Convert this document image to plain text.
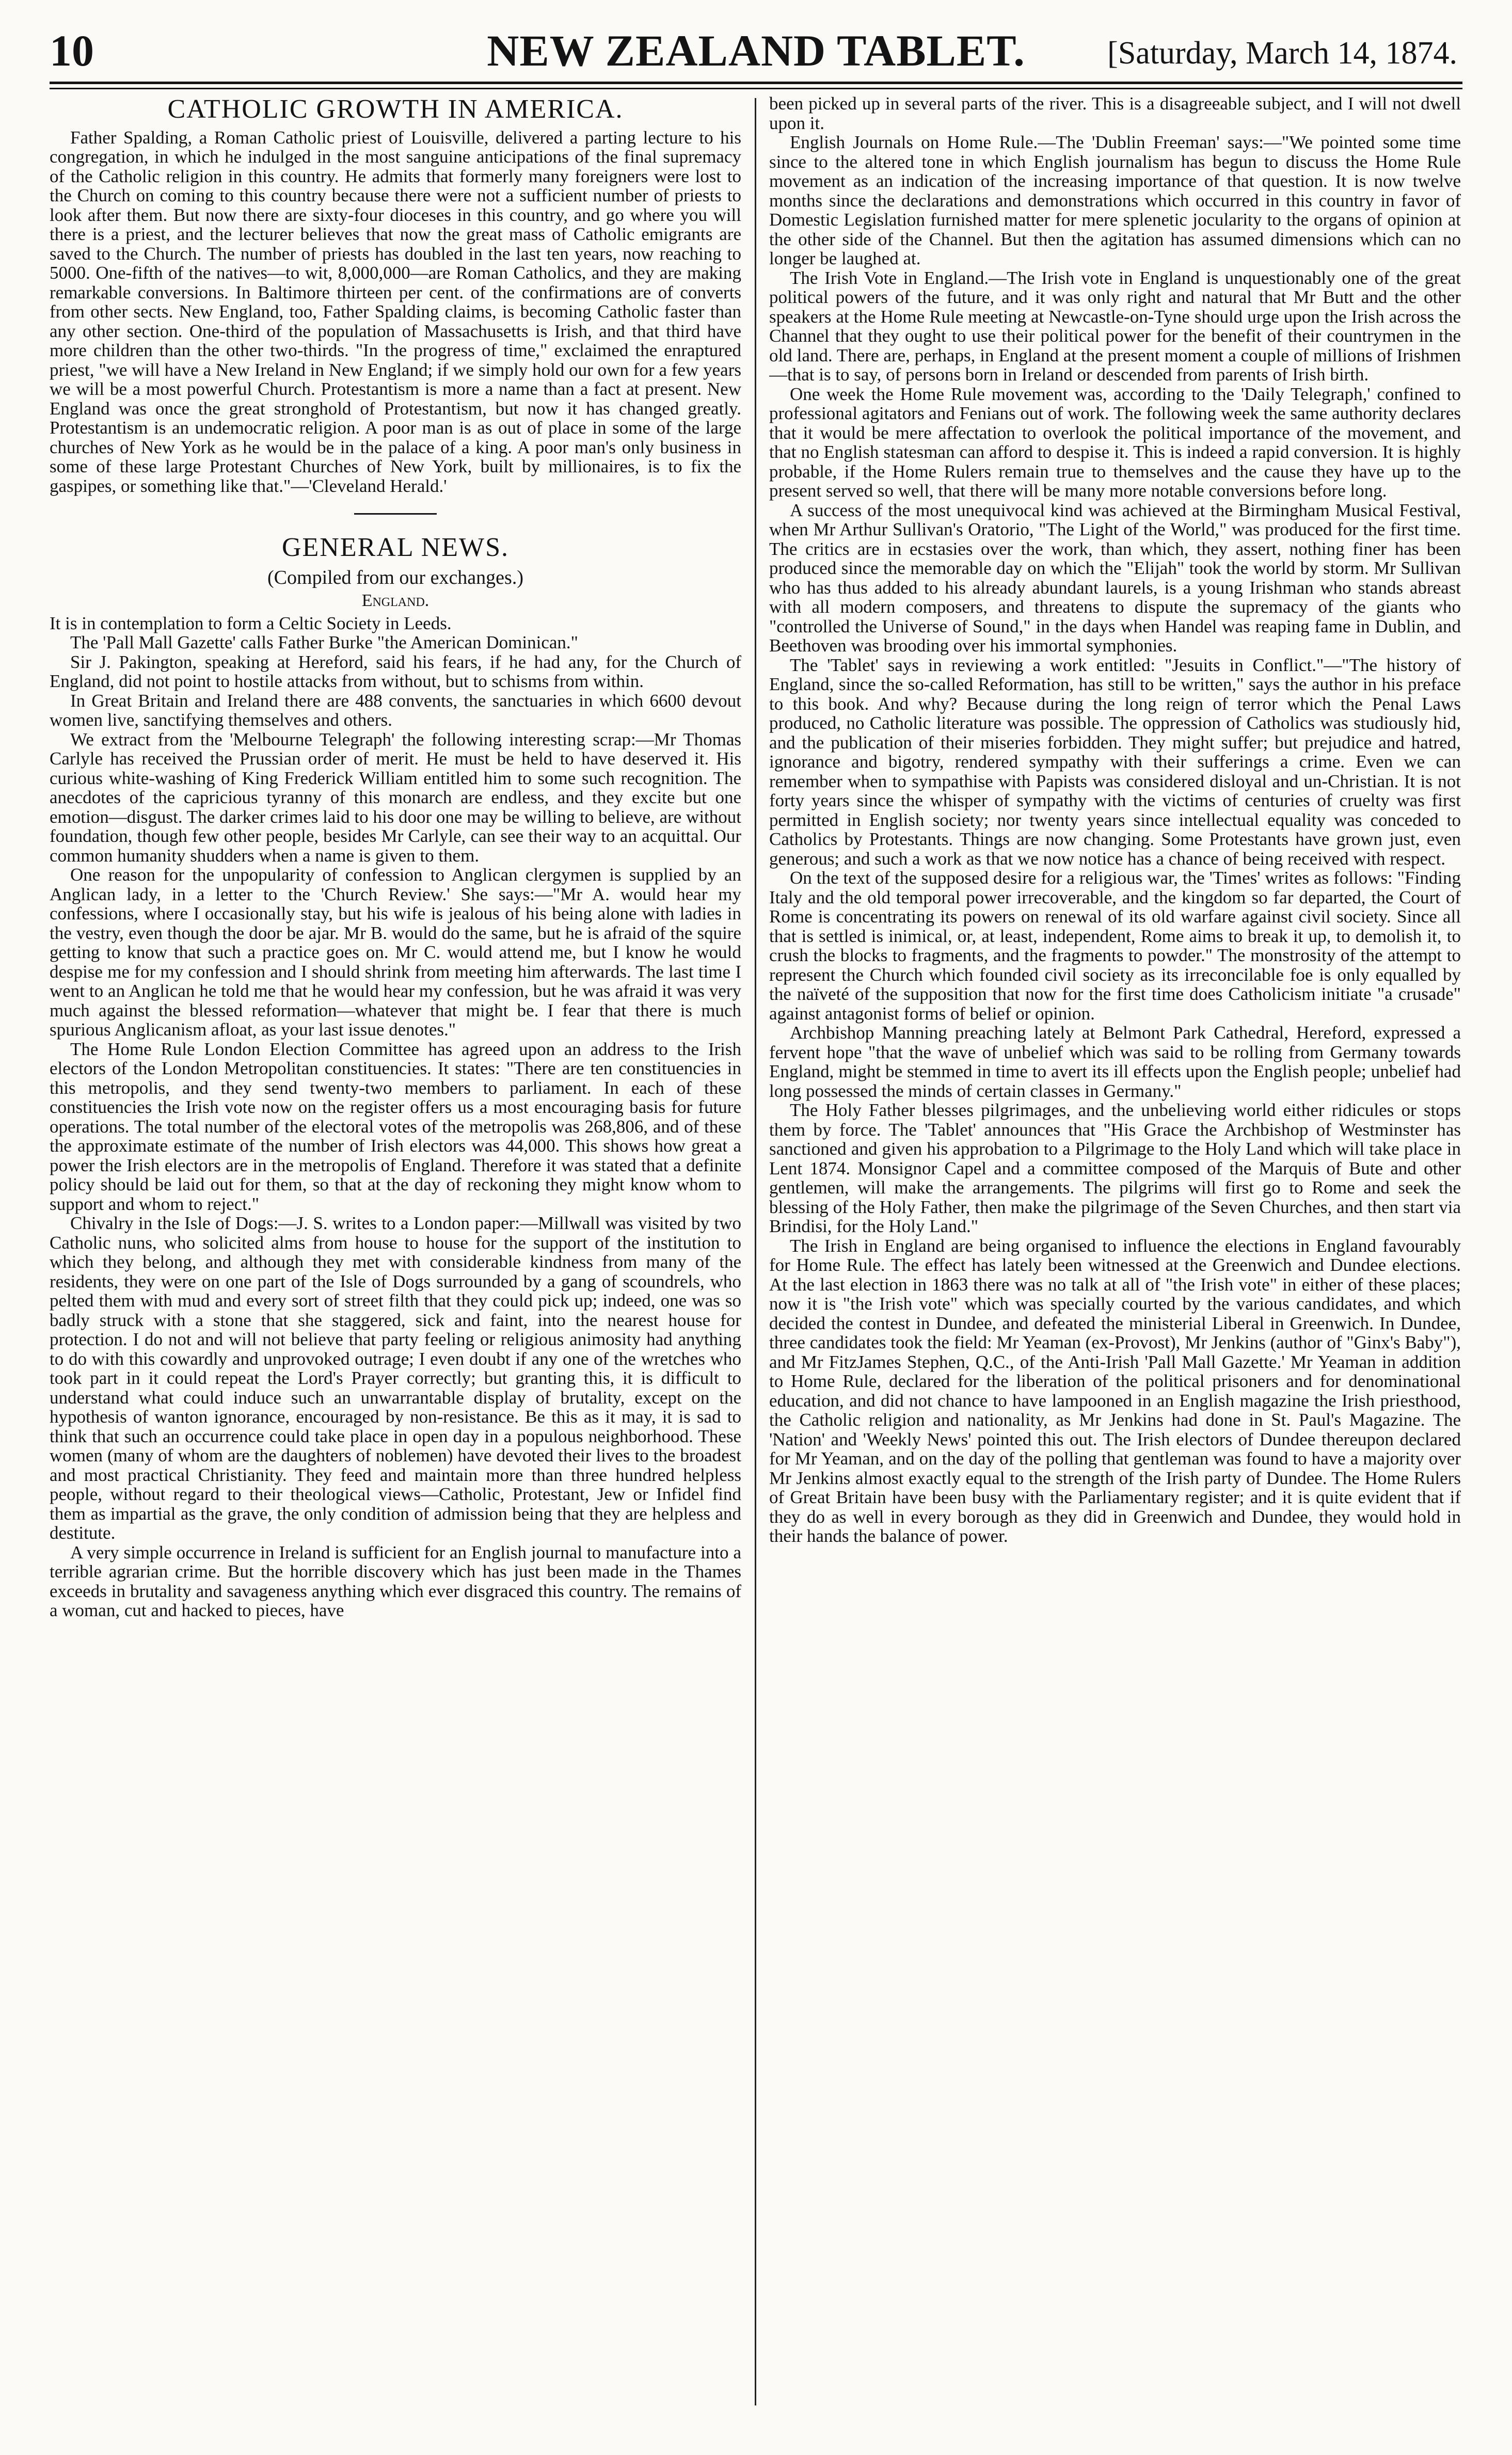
NEW ZEALAND TABLET.
10	[Saturday, March 14, 1874.
CATHOLIC GROWTH IN AMERICA.

Father Spalding, a Roman Catholic priest of Louisville, delivered a parting lecture to his congregation, in which he indulged in the most sanguine anticipations of the final supremacy of the Catholic religion in this country. He admits that formerly many foreigners were lost to the Church on coming to this country because there were not a sufficient number of priests to look after them. But now there are sixty-four dioceses in this country, and go where you will there is a priest, and the lecturer believes that now the great mass of Catholic emigrants are saved to the Church. The number of priests has doubled in the last ten years, now reaching to 5000. One-fifth of the natives—to wit, 8,000,000—are Roman Catholics, and they are making remarkable conversions. In Baltimore thirteen per cent. of the confirmations are of converts from other sects. New England, too, Father Spalding claims, is becoming Catholic faster than any other section. One-third of the population of Massachusetts is Irish, and that third have more children than the other two-thirds. "In the progress of time," exclaimed the enraptured priest, "we will have a New Ireland in New England; if we simply hold our own for a few years we will be a most powerful Church. Protestantism is more a name than a fact at present. New England was once the great stronghold of Protestantism, but now it has changed greatly. Protestantism is an undemocratic religion. A poor man is as out of place in some of the large churches of New York as he would be in the palace of a king. A poor man's only business in some of these large Protestant Churches of New York, built by millionaires, is to fix the gaspipes, or something like that."—'Cleveland Herald.'

GENERAL NEWS.
(Compiled from our exchanges.)
England.

It is in contemplation to form a Celtic Society in Leeds.

The 'Pall Mall Gazette' calls Father Burke "the American Dominican."

Sir J. Pakington, speaking at Hereford, said his fears, if he had any, for the Church of England, did not point to hostile attacks from without, but to schisms from within.

In Great Britain and Ireland there are 488 convents, the sanctuaries in which 6600 devout women live, sanctifying themselves and others.

We extract from the 'Melbourne Telegraph' the following interesting scrap:—Mr Thomas Carlyle has received the Prussian order of merit. He must be held to have deserved it. His curious white-washing of King Frederick William entitled him to some such recognition. The anecdotes of the capricious tyranny of this monarch are endless, and they excite but one emotion—disgust. The darker crimes laid to his door one may be willing to believe, are without foundation, though few other people, besides Mr Carlyle, can see their way to an acquittal. Our common humanity shudders when a name is given to them.

One reason for the unpopularity of confession to Anglican clergymen is supplied by an Anglican lady, in a letter to the 'Church Review.' She says:—"Mr A. would hear my confessions, where I occasionally stay, but his wife is jealous of his being alone with ladies in the vestry, even though the door be ajar. Mr B. would do the same, but he is afraid of the squire getting to know that such a practice goes on. Mr C. would attend me, but I know he would despise me for my confession and I should shrink from meeting him afterwards. The last time I went to an Anglican he told me that he would hear my confession, but he was afraid it was very much against the blessed reformation—whatever that might be. I fear that there is much spurious Anglicanism afloat, as your last issue denotes."

The Home Rule London Election Committee has agreed upon an address to the Irish electors of the London Metropolitan constituencies. It states: "There are ten constituencies in this metropolis, and they send twenty-two members to parliament. In each of these constituencies the Irish vote now on the register offers us a most encouraging basis for future operations. The total number of the electoral votes of the metropolis was 268,806, and of these the approximate estimate of the number of Irish electors was 44,000. This shows how great a power the Irish electors are in the metropolis of England. Therefore it was stated that a definite policy should be laid out for them, so that at the day of reckoning they might know whom to support and whom to reject."

Chivalry in the Isle of Dogs:—J. S. writes to a London paper:—Millwall was visited by two Catholic nuns, who solicited alms from house to house for the support of the institution to which they belong, and although they met with considerable kindness from many of the residents, they were on one part of the Isle of Dogs surrounded by a gang of scoundrels, who pelted them with mud and every sort of street filth that they could pick up; indeed, one was so badly struck with a stone that she staggered, sick and faint, into the nearest house for protection. I do not and will not believe that party feeling or religious animosity had anything to do with this cowardly and unprovoked outrage; I even doubt if any one of the wretches who took part in it could repeat the Lord's Prayer correctly; but granting this, it is difficult to understand what could induce such an unwarrantable display of brutality, except on the hypothesis of wanton ignorance, encouraged by non-resistance. Be this as it may, it is sad to think that such an occurrence could take place in open day in a populous neighborhood. These women (many of whom are the daughters of noblemen) have devoted their lives to the broadest and most practical Christianity. They feed and maintain more than three hundred helpless people, without regard to their theological views—Catholic, Protestant, Jew or Infidel find them as impartial as the grave, the only condition of admission being that they are helpless and destitute.

A very simple occurrence in Ireland is sufficient for an English journal to manufacture into a terrible agrarian crime. But the horrible discovery which has just been made in the Thames exceeds in brutality and savageness anything which ever disgraced this country. The remains of a woman, cut and hacked to pieces, have

been picked up in several parts of the river. This is a disagreeable subject, and I will not dwell upon it.

English Journals on Home Rule.—The 'Dublin Freeman' says:—"We pointed some time since to the altered tone in which English journalism has begun to discuss the Home Rule movement as an indication of the increasing importance of that question. It is now twelve months since the declarations and demonstrations which occurred in this country in favor of Domestic Legislation furnished matter for mere splenetic jocularity to the organs of opinion at the other side of the Channel. But then the agitation has assumed dimensions which can no longer be laughed at.

The Irish Vote in England.—The Irish vote in England is unquestionably one of the great political powers of the future, and it was only right and natural that Mr Butt and the other speakers at the Home Rule meeting at Newcastle-on-Tyne should urge upon the Irish across the Channel that they ought to use their political power for the benefit of their countrymen in the old land. There are, perhaps, in England at the present moment a couple of millions of Irishmen—that is to say, of persons born in Ireland or descended from parents of Irish birth.

One week the Home Rule movement was, according to the 'Daily Telegraph,' confined to professional agitators and Fenians out of work. The following week the same authority declares that it would be mere affectation to overlook the political importance of the movement, and that no English statesman can afford to despise it. This is indeed a rapid conversion. It is highly probable, if the Home Rulers remain true to themselves and the cause they have up to the present served so well, that there will be many more notable conversions before long.

A success of the most unequivocal kind was achieved at the Birmingham Musical Festival, when Mr Arthur Sullivan's Oratorio, "The Light of the World," was produced for the first time. The critics are in ecstasies over the work, than which, they assert, nothing finer has been produced since the memorable day on which the "Elijah" took the world by storm. Mr Sullivan who has thus added to his already abundant laurels, is a young Irishman who stands abreast with all modern composers, and threatens to dispute the supremacy of the giants who "controlled the Universe of Sound," in the days when Handel was reaping fame in Dublin, and Beethoven was brooding over his immortal symphonies.

The 'Tablet' says in reviewing a work entitled: "Jesuits in Conflict."—"The history of England, since the so-called Reformation, has still to be written," says the author in his preface to this book. And why? Because during the long reign of terror which the Penal Laws produced, no Catholic literature was possible. The oppression of Catholics was studiously hid, and the publication of their miseries forbidden. They might suffer; but prejudice and hatred, ignorance and bigotry, rendered sympathy with their sufferings a crime. Even we can remember when to sympathise with Papists was considered disloyal and un-Christian. It is not forty years since the whisper of sympathy with the victims of centuries of cruelty was first permitted in English society; nor twenty years since intellectual equality was conceded to Catholics by Protestants. Things are now changing. Some Protestants have grown just, even generous; and such a work as that we now notice has a chance of being received with respect.

On the text of the supposed desire for a religious war, the 'Times' writes as follows: "Finding Italy and the old temporal power irrecoverable, and the kingdom so far departed, the Court of Rome is concentrating its powers on renewal of its old warfare against civil society. Since all that is settled is inimical, or, at least, independent, Rome aims to break it up, to demolish it, to crush the blocks to fragments, and the fragments to powder." The monstrosity of the attempt to represent the Church which founded civil society as its irreconcilable foe is only equalled by the naïveté of the supposition that now for the first time does Catholicism initiate "a crusade" against antagonist forms of belief or opinion.

Archbishop Manning preaching lately at Belmont Park Cathedral, Hereford, expressed a fervent hope "that the wave of unbelief which was said to be rolling from Germany towards England, might be stemmed in time to avert its ill effects upon the English people; unbelief had long possessed the minds of certain classes in Germany."

The Holy Father blesses pilgrimages, and the unbelieving world either ridicules or stops them by force. The 'Tablet' announces that "His Grace the Archbishop of Westminster has sanctioned and given his approbation to a Pilgrimage to the Holy Land which will take place in Lent 1874. Monsignor Capel and a committee composed of the Marquis of Bute and other gentlemen, will make the arrangements. The pilgrims will first go to Rome and seek the blessing of the Holy Father, then make the pilgrimage of the Seven Churches, and then start via Brindisi, for the Holy Land."

The Irish in England are being organised to influence the elections in England favourably for Home Rule. The effect has lately been witnessed at the Greenwich and Dundee elections. At the last election in 1863 there was no talk at all of "the Irish vote" in either of these places; now it is "the Irish vote" which was specially courted by the various candidates, and which decided the contest in Dundee, and defeated the ministerial Liberal in Greenwich. In Dundee, three candidates took the field: Mr Yeaman (ex-Provost), Mr Jenkins (author of "Ginx's Baby"), and Mr FitzJames Stephen, Q.C., of the Anti-Irish 'Pall Mall Gazette.' Mr Yeaman in addition to Home Rule, declared for the liberation of the political prisoners and for denominational education, and did not chance to have lampooned in an English magazine the Irish priesthood, the Catholic religion and nationality, as Mr Jenkins had done in St. Paul's Magazine. The 'Nation' and 'Weekly News' pointed this out. The Irish electors of Dundee thereupon declared for Mr Yeaman, and on the day of the polling that gentleman was found to have a majority over Mr Jenkins almost exactly equal to the strength of the Irish party of Dundee. The Home Rulers of Great Britain have been busy with the Parliamentary register; and it is quite evident that if they do as well in every borough as they did in Greenwich and Dundee, they would hold in their hands the balance of power.
